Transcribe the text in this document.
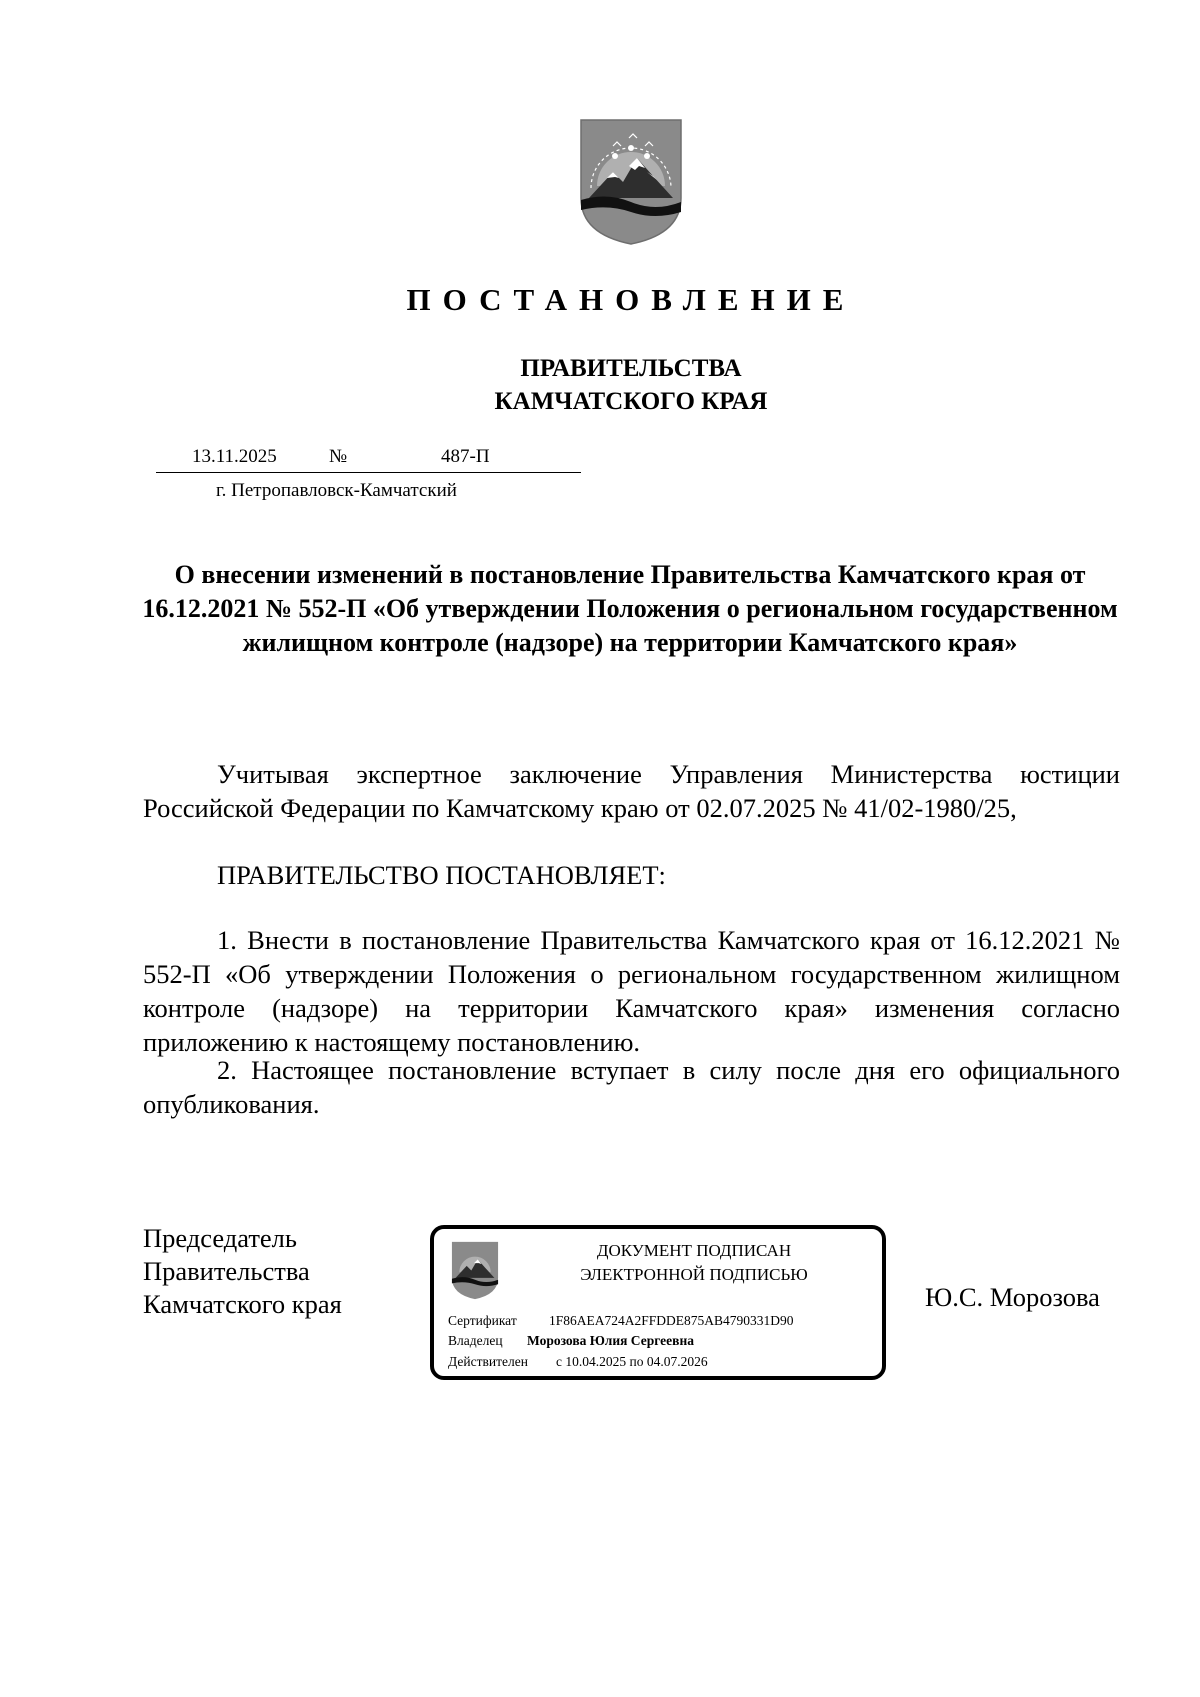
ПОСТАНОВЛЕНИЕ
ПРАВИТЕЛЬСТВА
КАМЧАТСКОГО КРАЯ
13.11.2025	№	487-П
г. Петропавловск-Камчатский
О внесении изменений в постановление Правительства Камчатского края от 16.12.2021 № 552-П «Об утверждении Положения о региональном государственном жилищном контроле (надзоре) на территории Камчатского края»
Учитывая экспертное заключение Управления Министерства юстиции Российской Федерации по Камчатскому краю от 02.07.2025 № 41/02-1980/25,
ПРАВИТЕЛЬСТВО ПОСТАНОВЛЯЕТ:
1. Внести в постановление Правительства Камчатского края от 16.12.2021 № 552-П «Об утверждении Положения о региональном государственном жилищном контроле (надзоре) на территории Камчатского края» изменения согласно приложению к настоящему постановлению.
2. Настоящее постановление вступает в силу после дня его официального опубликования.
Председатель
Правительства
Камчатского края
ДОКУМЕНТ ПОДПИСАН
ЭЛЕКТРОННОЙ ПОДПИСЬЮ
Сертификат 1F86AEA724A2FFDDE875AB4790331D90
Владелец Морозова Юлия Сергеевна
Действителен с 10.04.2025 по 04.07.2026
Ю.С. Морозова
